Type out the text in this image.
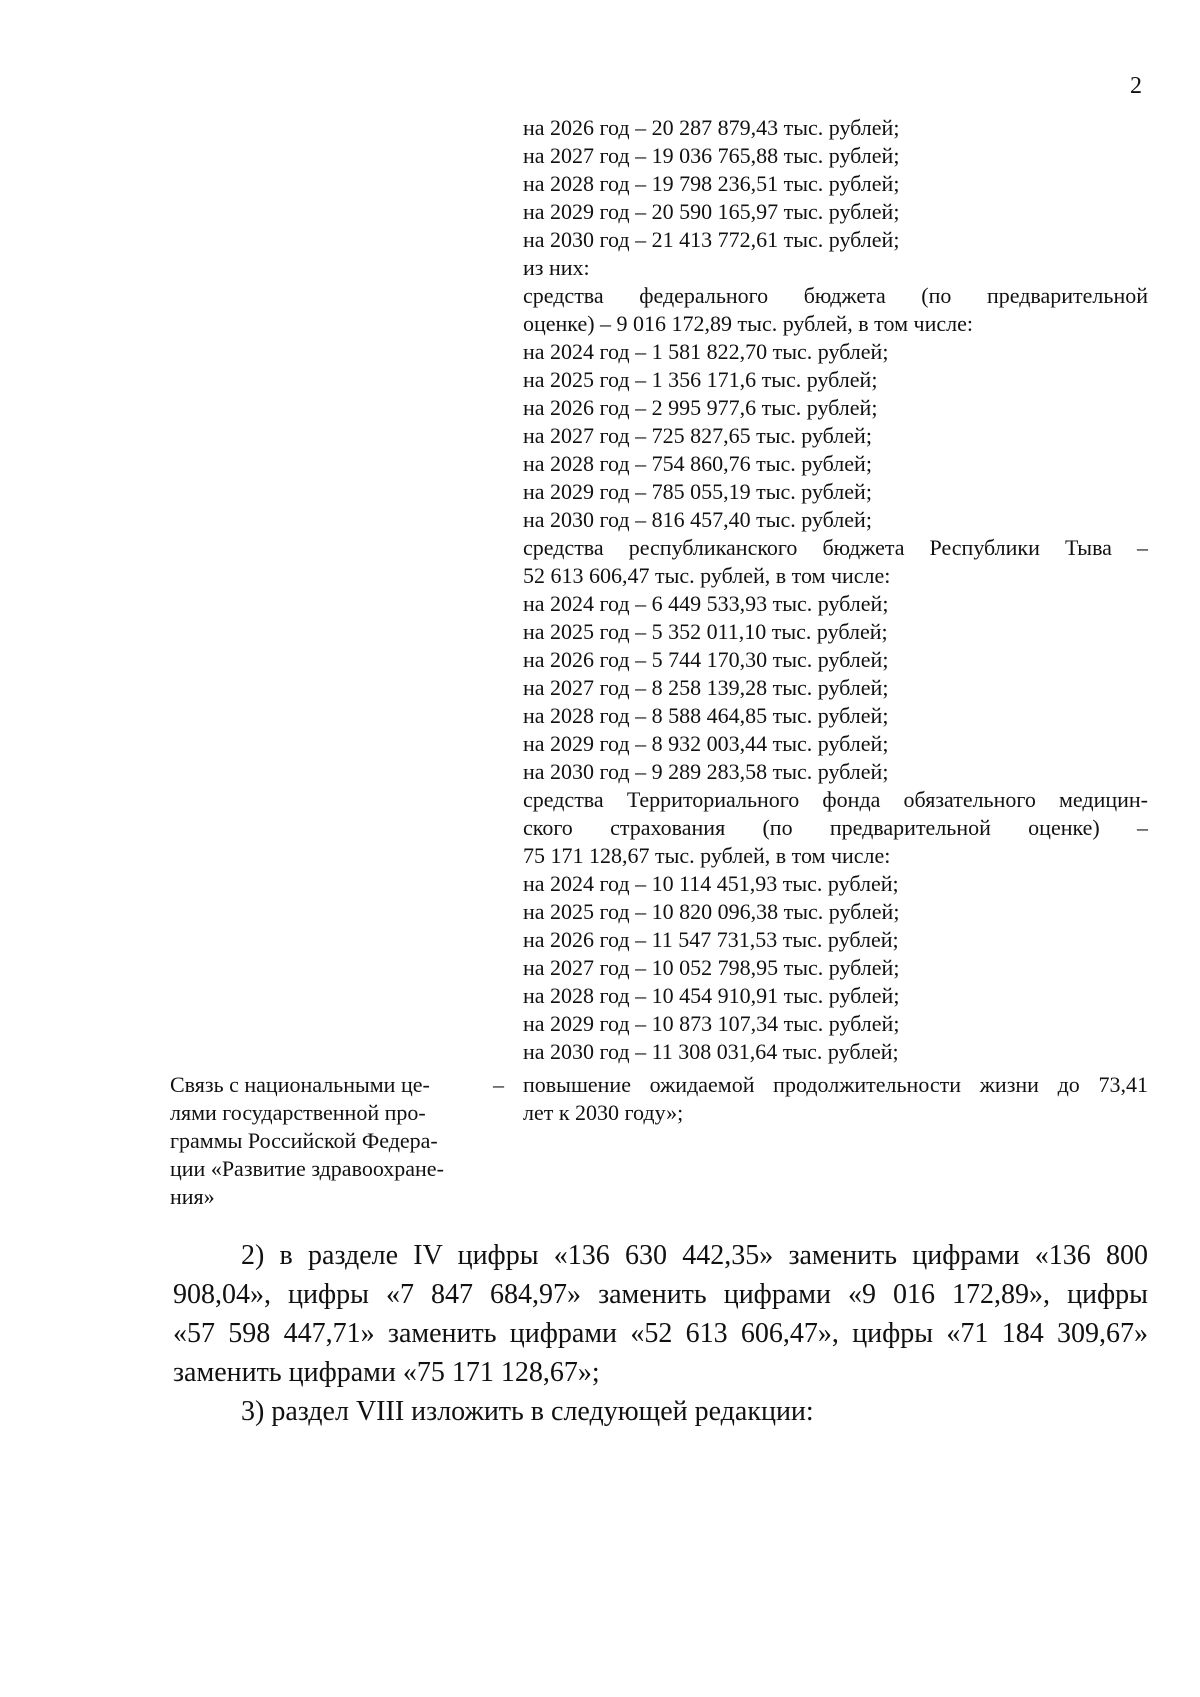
2
на 2026 год – 20 287 879,43 тыс. рублей;
на 2027 год – 19 036 765,88 тыс. рублей;
на 2028 год – 19 798 236,51 тыс. рублей;
на 2029 год – 20 590 165,97 тыс. рублей;
на 2030 год – 21 413 772,61 тыс. рублей;
из них:
средства федерального бюджета (по предварительной
оценке) – 9 016 172,89 тыс. рублей, в том числе:
на 2024 год – 1 581 822,70 тыс. рублей;
на 2025 год – 1 356 171,6 тыс. рублей;
на 2026 год – 2 995 977,6 тыс. рублей;
на 2027 год – 725 827,65 тыс. рублей;
на 2028 год – 754 860,76 тыс. рублей;
на 2029 год – 785 055,19 тыс. рублей;
на 2030 год – 816 457,40 тыс. рублей;
средства республиканского бюджета Республики Тыва –
52 613 606,47 тыс. рублей, в том числе:
на 2024 год – 6 449 533,93 тыс. рублей;
на 2025 год – 5 352 011,10 тыс. рублей;
на 2026 год – 5 744 170,30 тыс. рублей;
на 2027 год – 8 258 139,28 тыс. рублей;
на 2028 год – 8 588 464,85 тыс. рублей;
на 2029 год – 8 932 003,44 тыс. рублей;
на 2030 год – 9 289 283,58 тыс. рублей;
средства Территориального фонда обязательного медицин-
ского страхования (по предварительной оценке) –
75 171 128,67 тыс. рублей, в том числе:
на 2024 год – 10 114 451,93 тыс. рублей;
на 2025 год – 10 820 096,38 тыс. рублей;
на 2026 год – 11 547 731,53 тыс. рублей;
на 2027 год – 10 052 798,95 тыс. рублей;
на 2028 год – 10 454 910,91 тыс. рублей;
на 2029 год – 10 873 107,34 тыс. рублей;
на 2030 год – 11 308 031,64 тыс. рублей;
Связь с национальными це-
лями государственной про-
граммы Российской Федера-
ции «Развитие здравоохране-
ния»
– повышение ожидаемой продолжительности жизни до 73,41
лет к 2030 году»;
2) в разделе IV цифры «136 630 442,35» заменить цифрами «136 800
908,04», цифры «7 847 684,97» заменить цифрами «9 016 172,89», цифры
«57 598 447,71» заменить цифрами «52 613 606,47», цифры «71 184 309,67»
заменить цифрами «75 171 128,67»;
3) раздел VIII изложить в следующей редакции:
